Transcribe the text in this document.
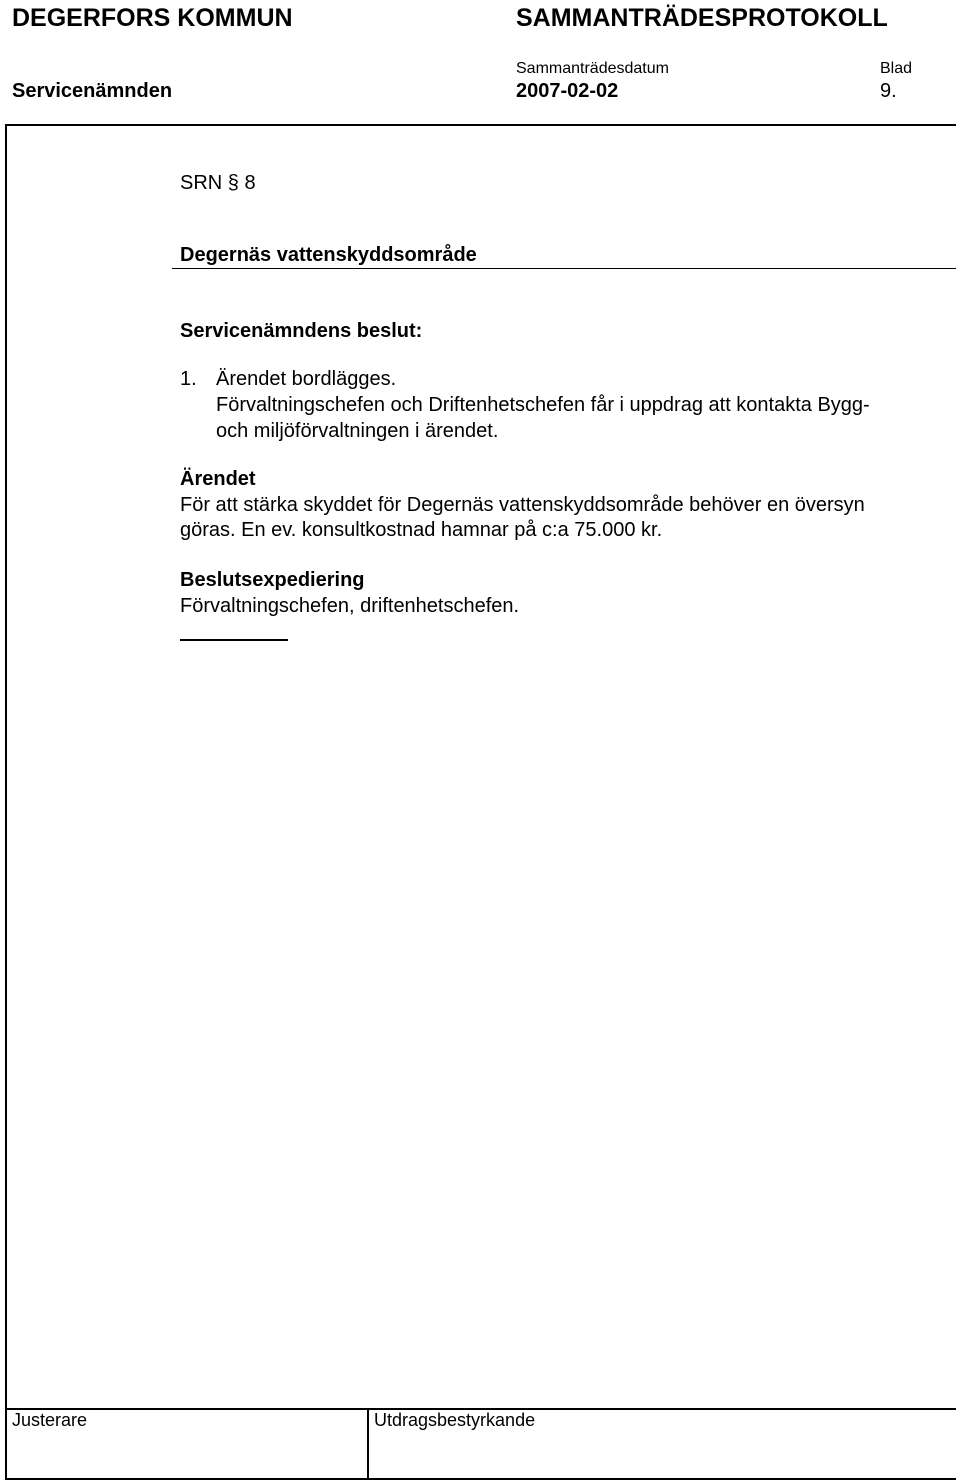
DEGERFORS KOMMUN	SAMMANTRÄDESPROTOKOLL
Servicenämnden
Sammanträdesdatum
2007-02-02
Blad
9.
SRN § 8
Degernäs vattenskyddsområde
Servicenämndens beslut:
1. Ärendet bordlägges.
Förvaltningschefen och Driftenhetschefen får i uppdrag att kontakta Bygg-
och miljöförvaltningen i ärendet.
Ärendet
För att stärka skyddet för Degernäs vattenskyddsområde behöver en översyn
göras. En ev. konsultkostnad hamnar på c:a 75.000 kr.
Beslutsexpediering
Förvaltningschefen, driftenhetschefen.
Justerare	Utdragsbestyrkande
